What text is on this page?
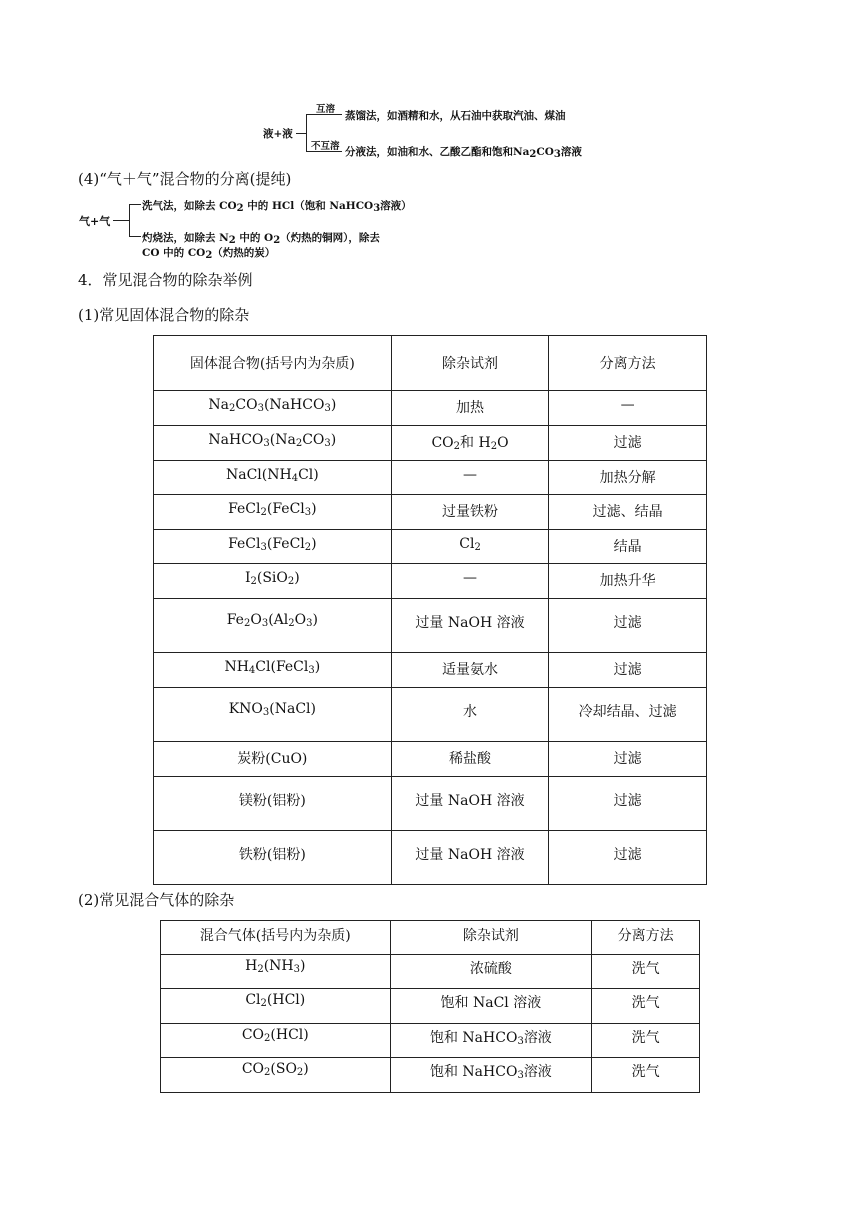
液+液
互溶
蒸馏法，如酒精和水，从石油中获取汽油、煤油
不互溶 分液法，如油和水、乙酸乙酯和饱和$Na_2CO_3$溶液
(4)“气＋气”混合物的分离(提纯)
气+气
洗气法，如除去 $CO_2$ 中的 HCl（饱和 NaHCO$_3$溶液）
灼烧法，如除去 $N_2$ 中的 $O_2$（灼热的铜网），除去
CO 中的 $CO_2$（灼热的炭）
4．常见混合物的除杂举例
(1)常见固体混合物的除杂
固体混合物(括号内为杂质)	除杂试剂	分离方法
$Na_2CO_3(NaHCO_3)$	加热	—
$NaHCO_3(Na_2CO_3)$	$CO_2$和 $H_2O$	过滤
$NaCl(NH_4Cl)$	—	加热分解
FeCl$_2$(FeCl$_3$)	过量铁粉	过滤、结晶
FeCl$_3$(FeCl$_2$)	$Cl_2$	结晶
$I_2(SiO_2)$	—	加热升华
$Fe_2O_3(Al_2O_3)$	过量 NaOH 溶液	过滤
$NH_4Cl(FeCl_3)$	适量氨水	过滤
$KNO_3(NaCl)$	水	冷却结晶、过滤
炭粉(CuO)	稀盐酸	过滤
镁粉(铝粉)	过量 NaOH 溶液	过滤
铁粉(铝粉)	过量 NaOH 溶液	过滤
(2)常见混合气体的除杂
混合气体(括号内为杂质)	除杂试剂	分离方法
$H_2(NH_3)$	浓硫酸	洗气
$Cl_2(HCl)$	饱和 NaCl 溶液	洗气
$CO_2(HCl)$	饱和 NaHCO$_3$溶液	洗气
$CO_2(SO_2)$	饱和 NaHCO$_3$溶液	洗气
